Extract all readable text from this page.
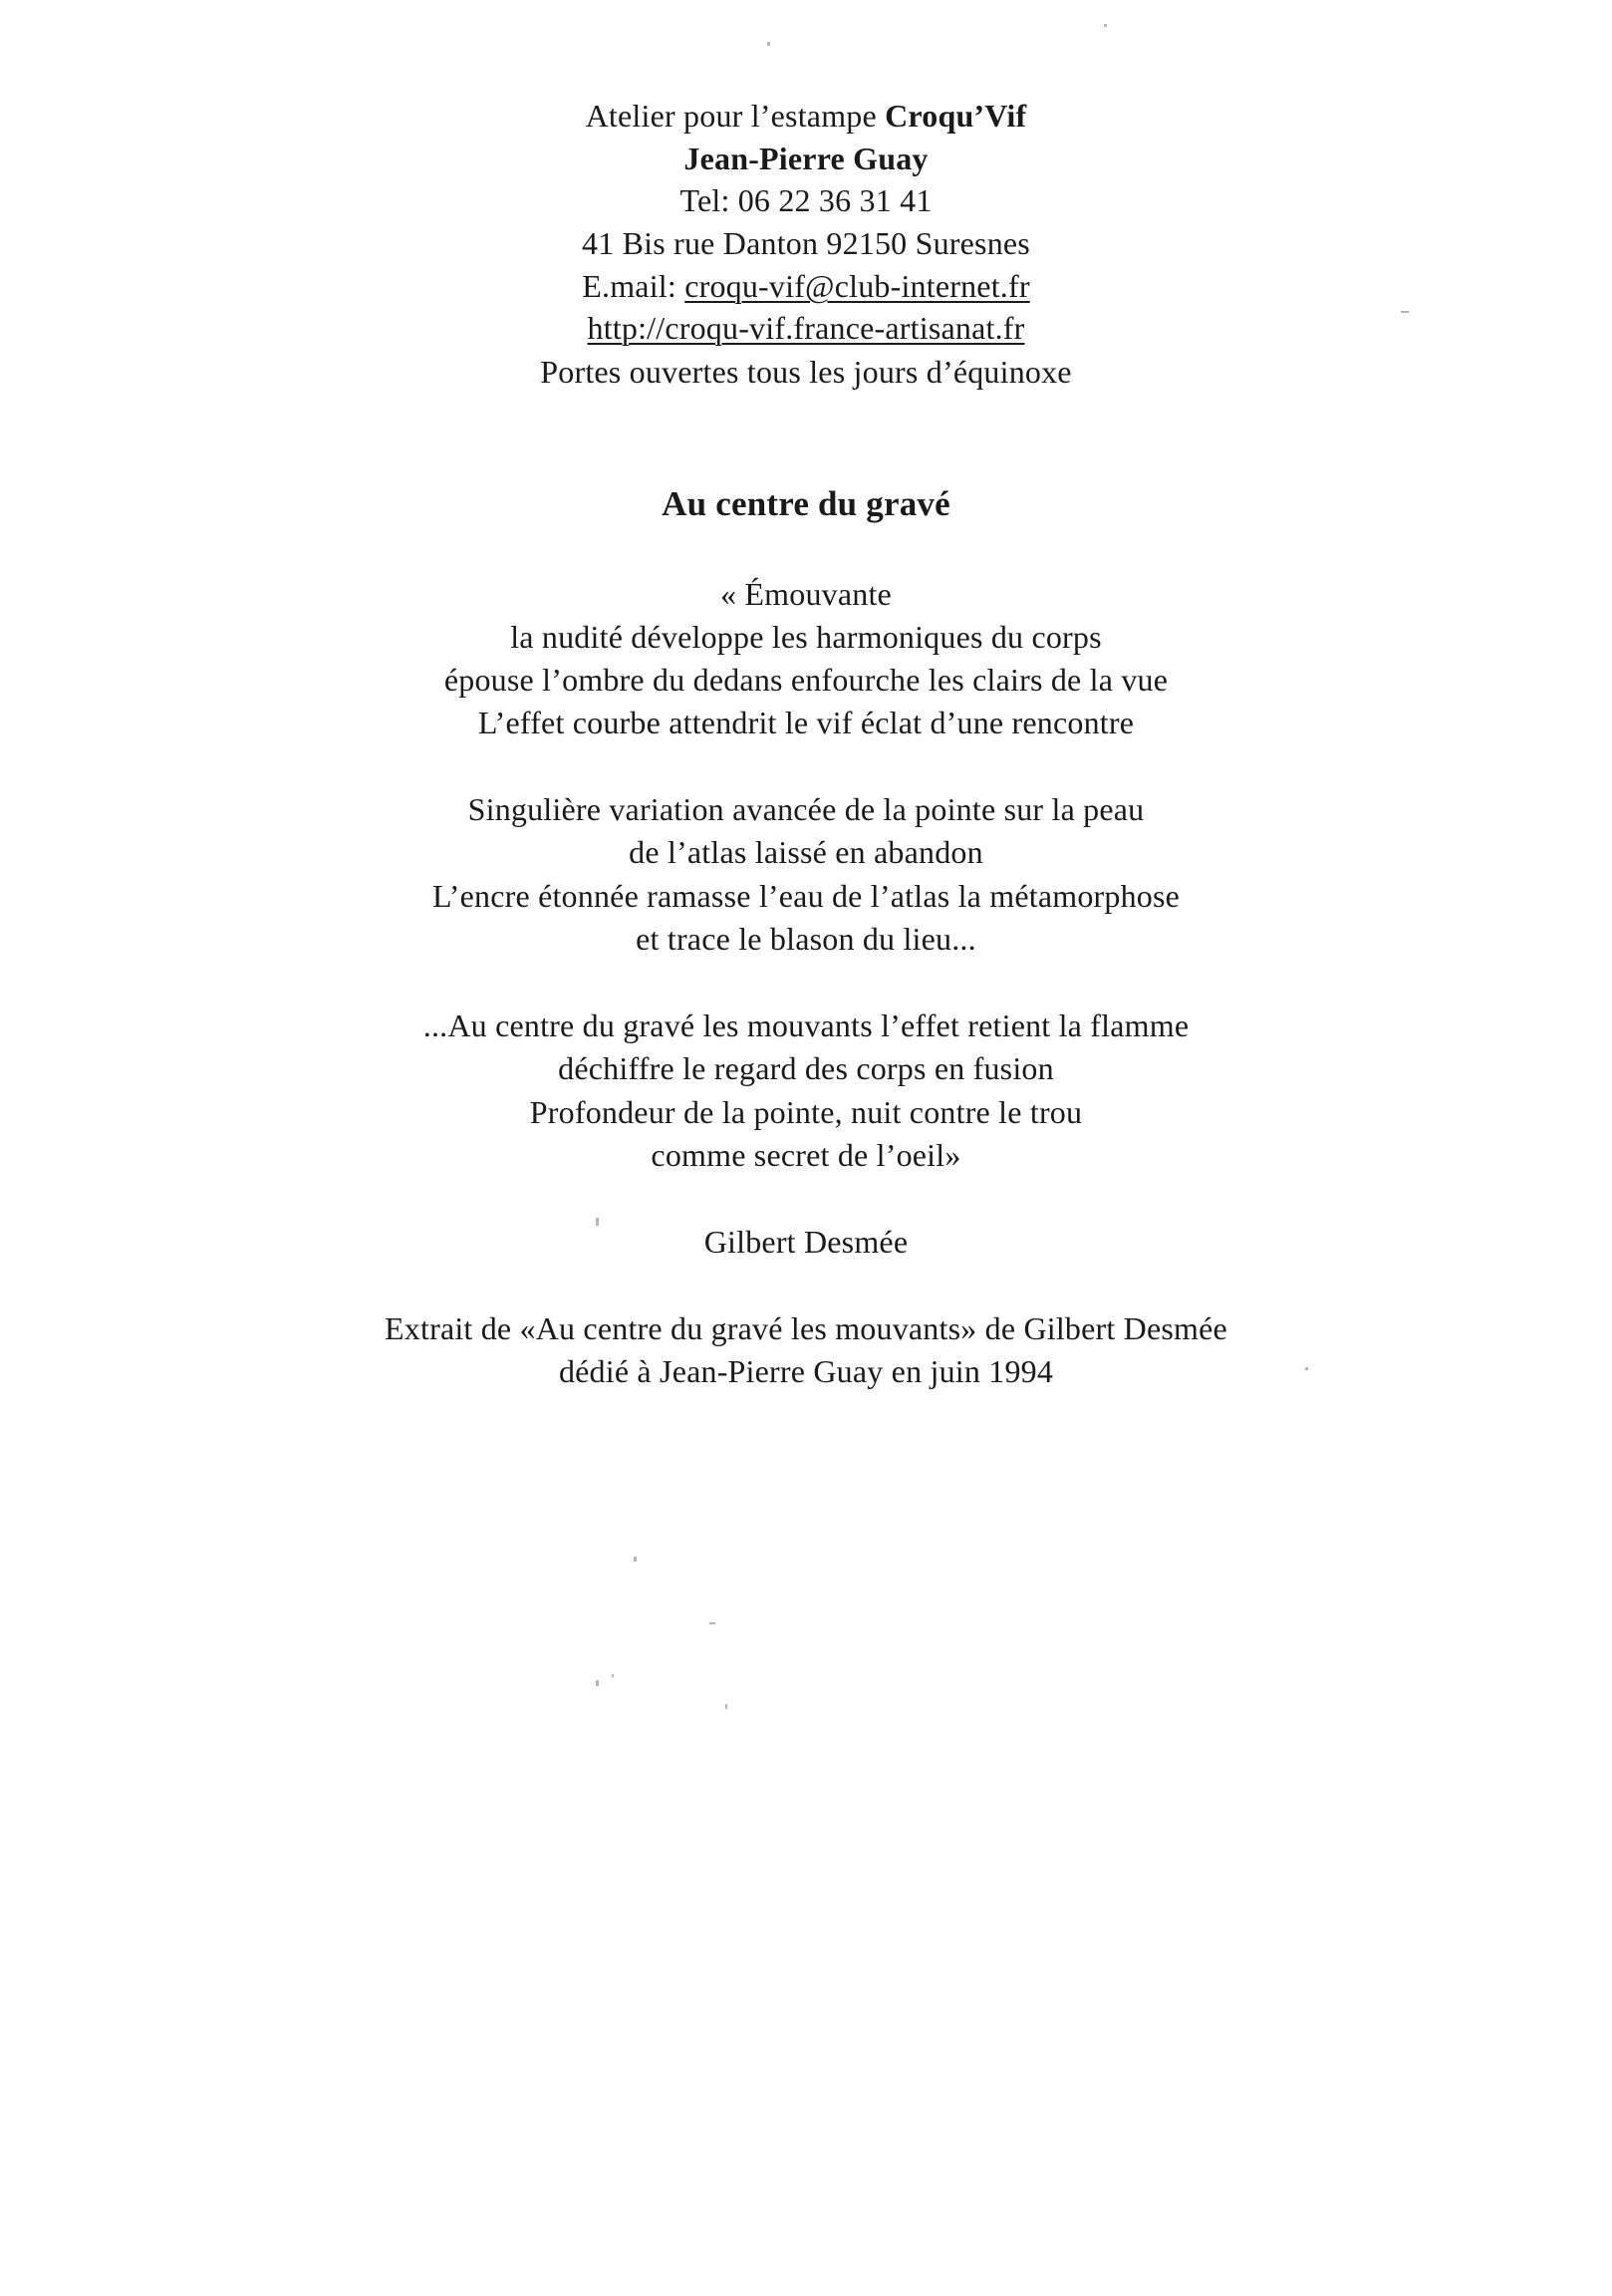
Atelier pour l’estampe Croqu’Vif
Jean-Pierre Guay
Tel: 06 22 36 31 41
41 Bis rue Danton 92150 Suresnes
E.mail: croqu-vif@club-internet.fr
http://croqu-vif.france-artisanat.fr
Portes ouvertes tous les jours d’équinoxe
Au centre du gravé
« Émouvante
la nudité développe les harmoniques du corps
épouse l’ombre du dedans enfourche les clairs de la vue
L’effet courbe attendrit le vif éclat d’une rencontre
Singulière variation avancée de la pointe sur la peau
de l’atlas laissé en abandon
L’encre étonnée ramasse l’eau de l’atlas la métamorphose
et trace le blason du lieu...
...Au centre du gravé les mouvants l’effet retient la flamme
déchiffre le regard des corps en fusion
Profondeur de la pointe, nuit contre le trou
comme secret de l’oeil»
Gilbert Desmée
Extrait de «Au centre du gravé les mouvants» de Gilbert Desmée
dédié à Jean-Pierre Guay en juin 1994
